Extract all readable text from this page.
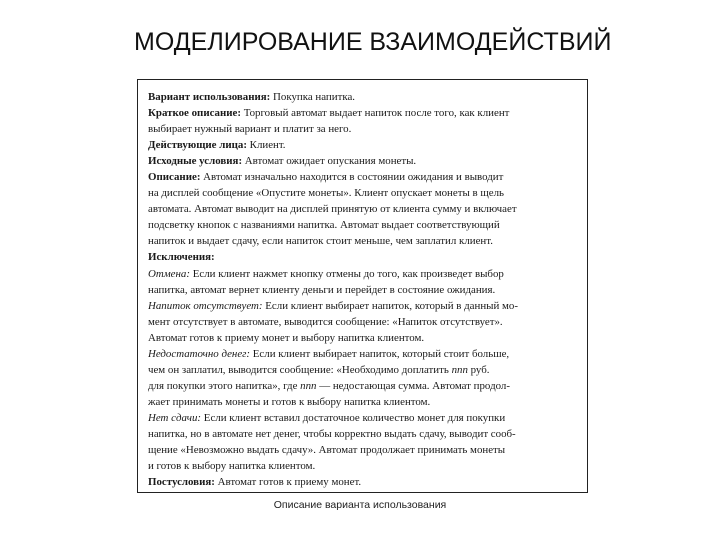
МОДЕЛИРОВАНИЕ ВЗАИМОДЕЙСТВИЙ
Вариант использования: Покупка напитка.
Краткое описание: Торговый автомат выдает напиток после того, как клиент
выбирает нужный вариант и платит за него.
Действующие лица: Клиент.
Исходные условия: Автомат ожидает опускания монеты.
Описание: Автомат изначально находится в состоянии ожидания и выводит
на дисплей сообщение «Опустите монеты». Клиент опускает монеты в щель
автомата. Автомат выводит на дисплей принятую от клиента сумму и включает
подсветку кнопок с названиями напитка. Автомат выдает соответствующий
напиток и выдает сдачу, если напиток стоит меньше, чем заплатил клиент.
Исключения:
Отмена: Если клиент нажмет кнопку отмены до того, как произведет выбор
напитка, автомат вернет клиенту деньги и перейдет в состояние ожидания.
Напиток отсутствует: Если клиент выбирает напиток, который в данный мо-
мент отсутствует в автомате, выводится сообщение: «Напиток отсутствует».
Автомат готов к приему монет и выбору напитка клиентом.
Недостаточно денег: Если клиент выбирает напиток, который стоит больше,
чем он заплатил, выводится сообщение: «Необходимо доплатить ппп руб.
для покупки этого напитка», где ппп — недостающая сумма. Автомат продол-
жает принимать монеты и готов к выбору напитка клиентом.
Нет сдачи: Если клиент вставил достаточное количество монет для покупки
напитка, но в автомате нет денег, чтобы корректно выдать сдачу, выводит сооб-
щение «Невозможно выдать сдачу». Автомат продолжает принимать монеты
и готов к выбору напитка клиентом.
Постусловия: Автомат готов к приему монет.
Описание варианта использования
